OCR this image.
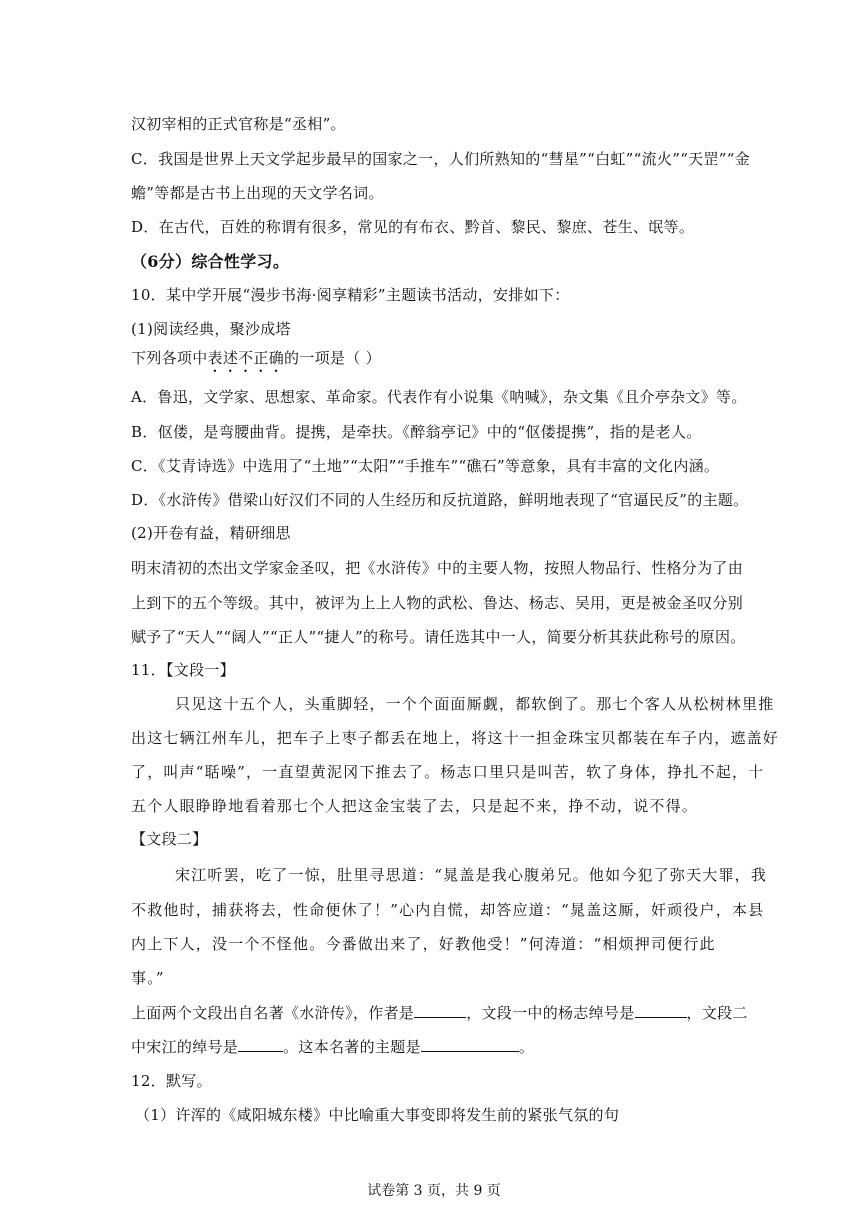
汉初宰相的正式官称是“丞相”。
C．我国是世界上天文学起步最早的国家之一，人们所熟知的“彗星”“白虹”“流火”“天罡”“金
蟾”等都是古书上出现的天文学名词。
D．在古代，百姓的称谓有很多，常见的有布衣、黔首、黎民、黎庶、苍生、氓等。
（6分）综合性学习。
10．某中学开展“漫步书海·阅享精彩”主题读书活动，安排如下：
(1)阅读经典，聚沙成塔
下列各项中表述不正确的一项是（ ）
A．鲁迅，文学家、思想家、革命家。代表作有小说集《呐喊》，杂文集《且介亭杂文》等。
B．伛偻，是弯腰曲背。提携，是牵扶。《醉翁亭记》中的“伛偻提携”，指的是老人。
C．《艾青诗选》中选用了“土地”“太阳”“手推车”“礁石”等意象，具有丰富的文化内涵。
D．《水浒传》借梁山好汉们不同的人生经历和反抗道路，鲜明地表现了“官逼民反”的主题。
(2)开卷有益，精研细思
明末清初的杰出文学家金圣叹，把《水浒传》中的主要人物，按照人物品行、性格分为了由
上到下的五个等级。其中，被评为上上人物的武松、鲁达、杨志、吴用，更是被金圣叹分别
赋予了“天人”“阔人”“正人”“捷人”的称号。请任选其中一人，简要分析其获此称号的原因。
11．【文段一】
只见这十五个人，头重脚轻，一个个面面厮觑，都软倒了。那七个客人从松树林里推
出这七辆江州车儿，把车子上枣子都丢在地上，将这十一担金珠宝贝都装在车子内，遮盖好
了，叫声“聒噪”，一直望黄泥冈下推去了。杨志口里只是叫苦，软了身体，挣扎不起，十
五个人眼睁睁地看着那七个人把这金宝装了去，只是起不来，挣不动，说不得。
【文段二】
宋江听罢，吃了一惊，肚里寻思道：“晁盖是我心腹弟兄。他如今犯了弥天大罪，我
不救他时，捕获将去，性命便休了！”心内自慌，却答应道：“晁盖这厮，奸顽役户，本县
内上下人，没一个不怪他。今番做出来了，好教他受！”何涛道：“相烦押司便行此
事。”
上面两个文段出自名著《水浒传》，作者是	，文段一中的杨志绰号是	，文段二
中宋江的绰号是	。这本名著的主题是	。
12．默写。
（1）许浑的《咸阳城东楼》中比喻重大事变即将发生前的紧张气氛的句
试卷第 3 页，共 9 页
